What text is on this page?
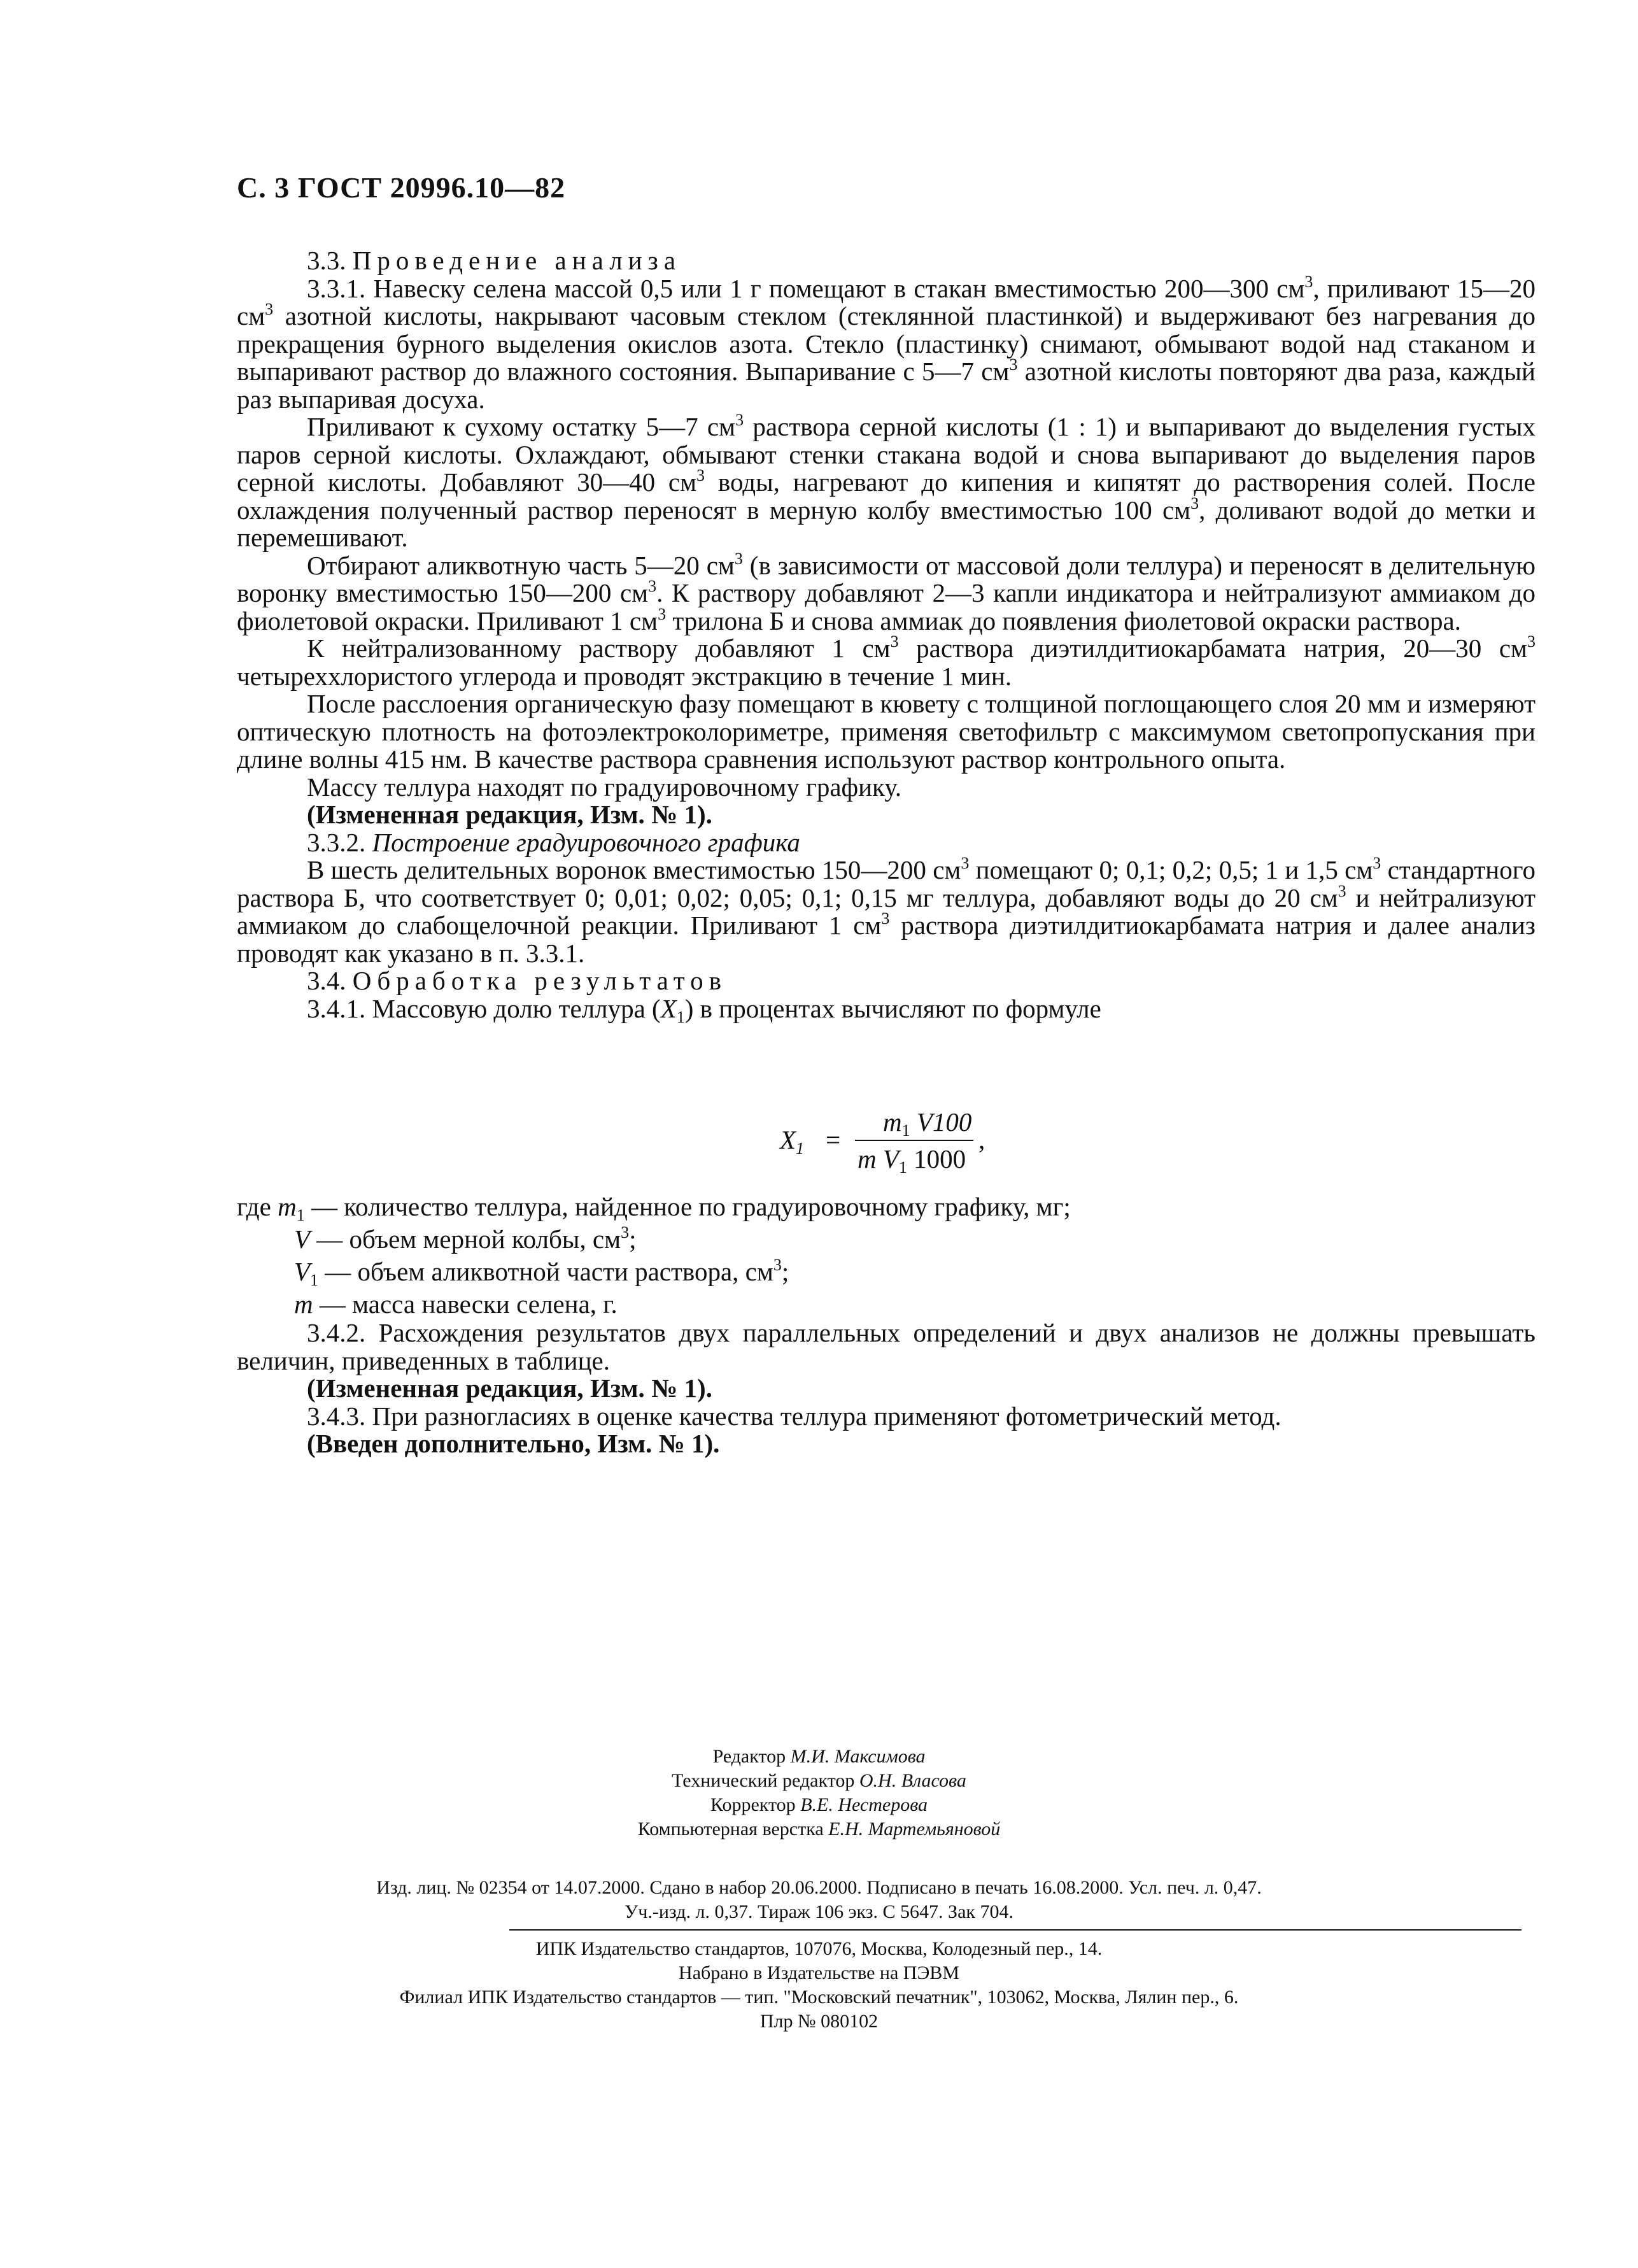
С. 3 ГОСТ 20996.10—82

3.3. Проведение анализа

3.3.1. Навеску селена массой 0,5 или 1 г помещают в стакан вместимостью 200—300 $см^3$, приливают 15—20 $см^3$ азотной кислоты, накрывают часовым стеклом (стеклянной пластинкой) и выдерживают без нагревания до прекращения бурного выделения окислов азота. Стекло (пластинку) снимают, обмывают водой над стаканом и выпаривают раствор до влажного состояния. Выпаривание с 5—7 $см^3$ азотной кислоты повторяют два раза, каждый раз выпаривая досуха.

Приливают к сухому остатку 5—7 $см^3$ раствора серной кислоты (1 : 1) и выпаривают до выделения густых паров серной кислоты. Охлаждают, обмывают стенки стакана водой и снова выпаривают до выделения паров серной кислоты. Добавляют 30—40 $см^3$ воды, нагревают до кипения и кипятят до растворения солей. После охлаждения полученный раствор переносят в мерную колбу вместимостью 100 $см^3$, доливают водой до метки и перемешивают.

Отбирают аликвотную часть 5—20 $см^3$ (в зависимости от массовой доли теллура) и переносят в делительную воронку вместимостью 150—200 $см^3$. К раствору добавляют 2—3 капли индикатора и нейтрализуют аммиаком до фиолетовой окраски. Приливают 1 $см^3$ трилона Б и снова аммиак до появления фиолетовой окраски раствора.

К нейтрализованному раствору добавляют 1 $см^3$ раствора диэтилдитиокарбамата натрия, 20—30 $см^3$ четыреххлористого углерода и проводят экстракцию в течение 1 мин.

После расслоения органическую фазу помещают в кювету с толщиной поглощающего слоя 20 мм и измеряют оптическую плотность на фотоэлектроколориметре, применяя светофильтр с максимумом светопропускания при длине волны 415 нм. В качестве раствора сравнения используют раствор контрольного опыта.

Массу теллура находят по градуировочному графику.

(Измененная редакция, Изм. № 1).

3.3.2. Построение градуировочного графика

В шесть делительных воронок вместимостью 150—200 $см^3$ помещают 0; 0,1; 0,2; 0,5; 1 и 1,5 $см^3$ стандартного раствора Б, что соответствует 0; 0,01; 0,02; 0,05; 0,1; 0,15 мг теллура, добавляют воды до 20 $см^3$ и нейтрализуют аммиаком до слабощелочной реакции. Приливают 1 $см^3$ раствора диэтилдитиокарбамата натрия и далее анализ проводят как указано в п. 3.3.1.

3.4. Обработка результатов

3.4.1. Массовую долю теллура $(X_1)$ в процентах вычисляют по формуле

$X_1$ =
$m_1$ V100
m $V_1$ 1000
,
где $m_1$ — количество теллура, найденное по градуировочному графику, мг;
V — объем мерной колбы, $см^3$;
$V_1$ — объем аликвотной части раствора, $см^3$;
m — масса навески селена, г.

3.4.2. Расхождения результатов двух параллельных определений и двух анализов не должны превышать величин, приведенных в таблице.

(Измененная редакция, Изм. № 1).

3.4.3. При разногласиях в оценке качества теллура применяют фотометрический метод.

(Введен дополнительно, Изм. № 1).

Редактор М.И. Максимова
Технический редактор О.Н. Власова
Корректор В.Е. Нестерова
Компьютерная верстка Е.Н. Мартемьяновой
Изд. лиц. № 02354 от 14.07.2000. Сдано в набор 20.06.2000. Подписано в печать 16.08.2000. Усл. печ. л. 0,47.
Уч.-изд. л. 0,37. Тираж 106 экз. С 5647. Зак 704.
ИПК Издательство стандартов, 107076, Москва, Колодезный пер., 14.
Набрано в Издательстве на ПЭВМ
Филиал ИПК Издательство стандартов — тип. "Московский печатник", 103062, Москва, Лялин пер., 6.
Плр № 080102
